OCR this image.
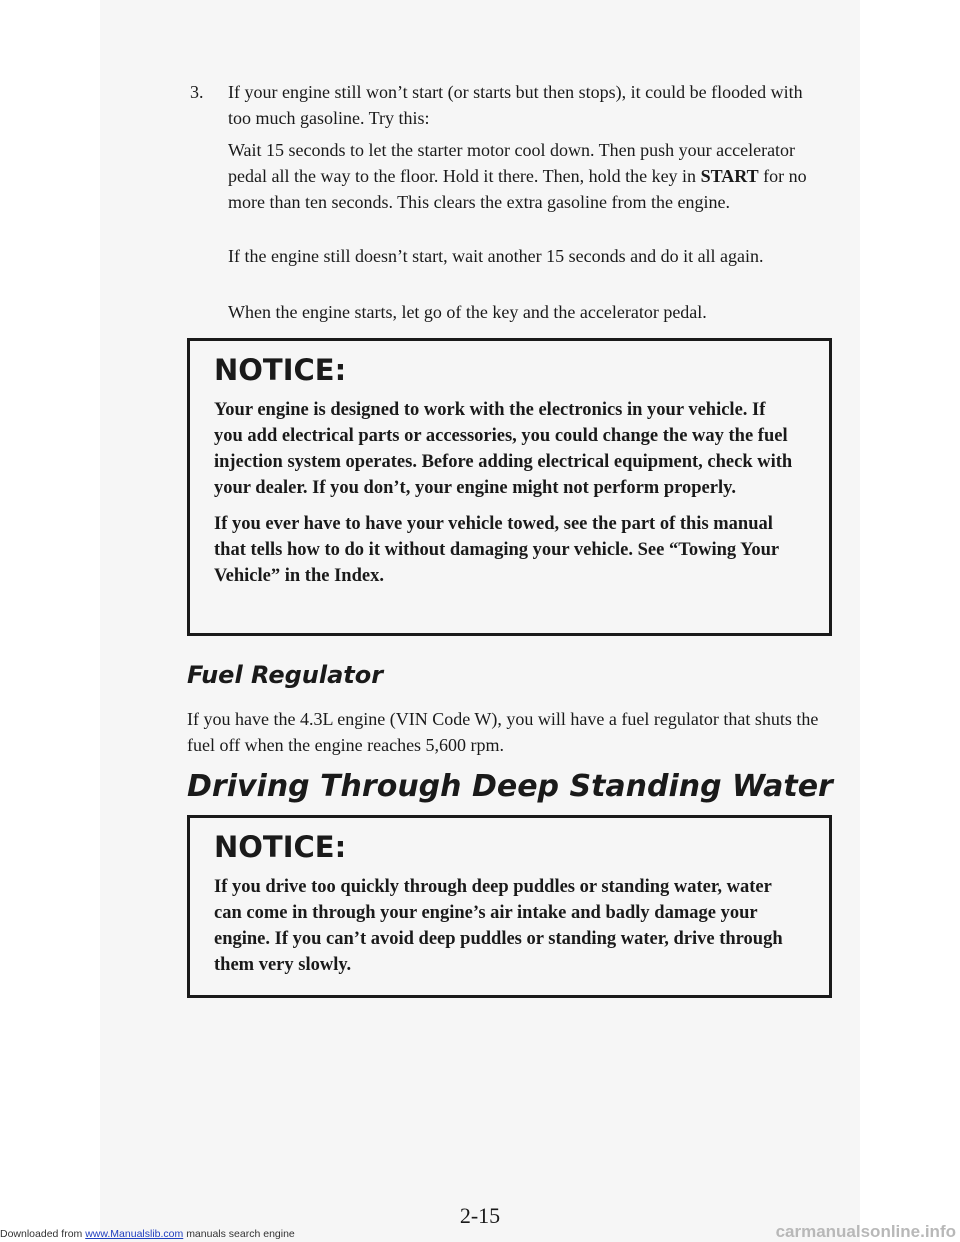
3. If your engine still won’t start (or starts but then stops), it could be flooded with too much gasoline. Try this:
Wait 15 seconds to let the starter motor cool down. Then push your accelerator pedal all the way to the floor. Hold it there. Then, hold the key in START for no more than ten seconds. This clears the extra gasoline from the engine.
If the engine still doesn’t start, wait another 15 seconds and do it all again.
When the engine starts, let go of the key and the accelerator pedal.
NOTICE:

Your engine is designed to work with the electronics in your vehicle. If you add electrical parts or accessories, you could change the way the fuel injection system operates. Before adding electrical equipment, check with your dealer. If you don’t, your engine might not perform properly.

If you ever have to have your vehicle towed, see the part of this manual that tells how to do it without damaging your vehicle. See “Towing Your Vehicle” in the Index.

Fuel Regulator
If you have the 4.3L engine (VIN Code W), you will have a fuel regulator that shuts the fuel off when the engine reaches 5,600 rpm.
Driving Through Deep Standing Water
NOTICE:

If you drive too quickly through deep puddles or standing water, water can come in through your engine’s air intake and badly damage your engine. If you can’t avoid deep puddles or standing water, drive through them very slowly.

2-15
Downloaded from www.Manualslib.com manuals search engine	carmanualsonline.info
